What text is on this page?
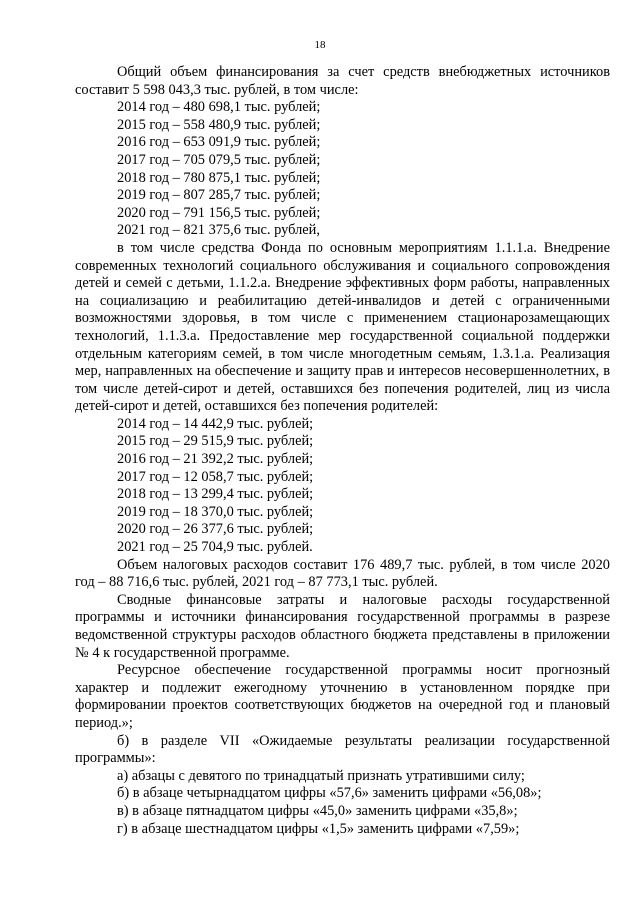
18

Общий объем финансирования за счет средств внебюджетных источников составит 5 598 043,3 тыс. рублей, в том числе:

2014 год – 480 698,1 тыс. рублей;
2015 год – 558 480,9 тыс. рублей;
2016 год – 653 091,9 тыс. рублей;
2017 год – 705 079,5 тыс. рублей;
2018 год – 780 875,1 тыс. рублей;
2019 год – 807 285,7 тыс. рублей;
2020 год – 791 156,5 тыс. рублей;
2021 год – 821 375,6 тыс. рублей,

в том числе средства Фонда по основным мероприятиям 1.1.1.а. Внедрение современных технологий социального обслуживания и социального сопровождения детей и семей с детьми, 1.1.2.а. Внедрение эффективных форм работы, направленных на социализацию и реабилитацию детей-инвалидов и детей с ограниченными возможностями здоровья, в том числе с применением стационарозамещающих технологий, 1.1.3.а. Предоставление мер государственной социальной поддержки отдельным категориям семей, в том числе многодетным семьям, 1.3.1.а. Реализация мер, направленных на обеспечение и защиту прав и интересов несовершеннолетних, в том числе детей-сирот и детей, оставшихся без попечения родителей, лиц из числа детей-сирот и детей, оставшихся без попечения родителей:

2014 год – 14 442,9 тыс. рублей;
2015 год – 29 515,9 тыс. рублей;
2016 год – 21 392,2 тыс. рублей;
2017 год – 12 058,7 тыс. рублей;
2018 год – 13 299,4 тыс. рублей;
2019 год – 18 370,0 тыс. рублей;
2020 год – 26 377,6 тыс. рублей;
2021 год – 25 704,9 тыс. рублей.

Объем налоговых расходов составит 176 489,7 тыс. рублей, в том числе 2020 год – 88 716,6 тыс. рублей, 2021 год – 87 773,1 тыс. рублей.

Сводные финансовые затраты и налоговые расходы государственной программы и источники финансирования государственной программы в разрезе ведомственной структуры расходов областного бюджета представлены в приложении № 4 к государственной программе.

Ресурсное обеспечение государственной программы носит прогнозный характер и подлежит ежегодному уточнению в установленном порядке при формировании проектов соответствующих бюджетов на очередной год и плановый период.»;

б) в разделе VII «Ожидаемые результаты реализации государственной программы»:

а) абзацы с девятого по тринадцатый признать утратившими силу;

б) в абзаце четырнадцатом цифры «57,6» заменить цифрами «56,08»;

в) в абзаце пятнадцатом цифры «45,0» заменить цифрами «35,8»;

г) в абзаце шестнадцатом цифры «1,5» заменить цифрами «7,59»;
